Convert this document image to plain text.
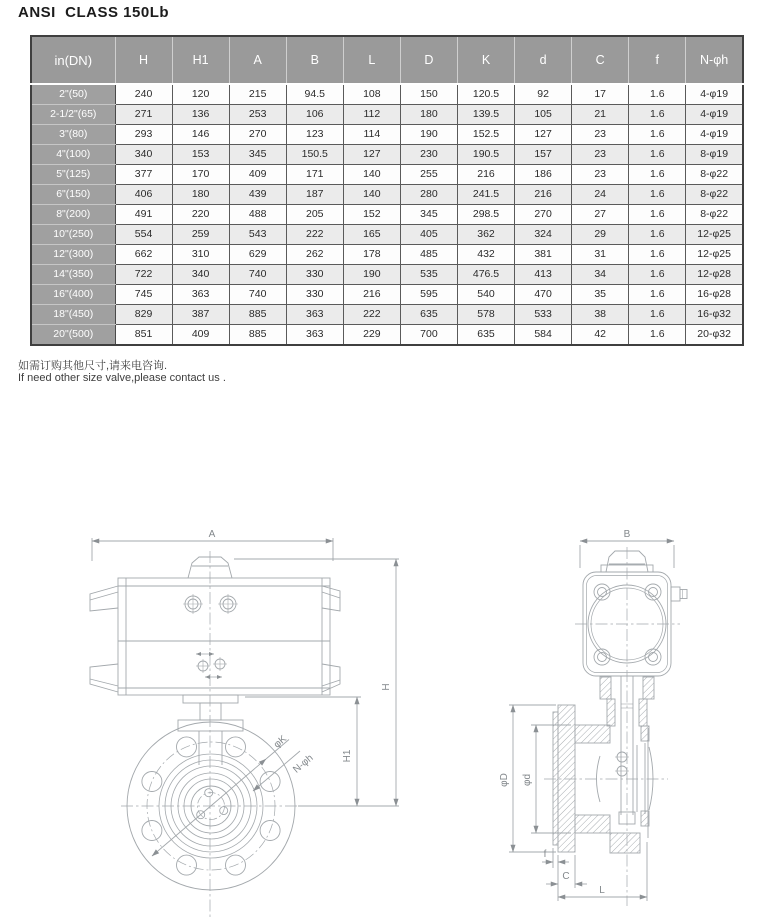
ANSI  CLASS 150Lb
in(DN)	H	H1	A	B	L	D	K	d	C	f	N-φh
2"(50)	240	120	215	94.5	108	150	120.5	92	17	1.6	4-φ19
2-1/2"(65)	271	136	253	106	112	180	139.5	105	21	1.6	4-φ19
3"(80)	293	146	270	123	114	190	152.5	127	23	1.6	4-φ19
4"(100)	340	153	345	150.5	127	230	190.5	157	23	1.6	8-φ19
5"(125)	377	170	409	171	140	255	216	186	23	1.6	8-φ22
6"(150)	406	180	439	187	140	280	241.5	216	24	1.6	8-φ22
8"(200)	491	220	488	205	152	345	298.5	270	27	1.6	8-φ22
10"(250)	554	259	543	222	165	405	362	324	29	1.6	12-φ25
12"(300)	662	310	629	262	178	485	432	381	31	1.6	12-φ25
14"(350)	722	340	740	330	190	535	476.5	413	34	1.6	12-φ28
16"(400)	745	363	740	330	216	595	540	470	35	1.6	16-φ28
18"(450)	829	387	885	363	222	635	578	533	38	1.6	16-φ32
20"(500)	851	409	885	363	229	700	635	584	42	1.6	20-φ32

如需订购其他尺寸,请来电咨询.

If need other size valve,please contact us .

φK
N-φh
H
H1
A	B
φD φd
f
C
L
